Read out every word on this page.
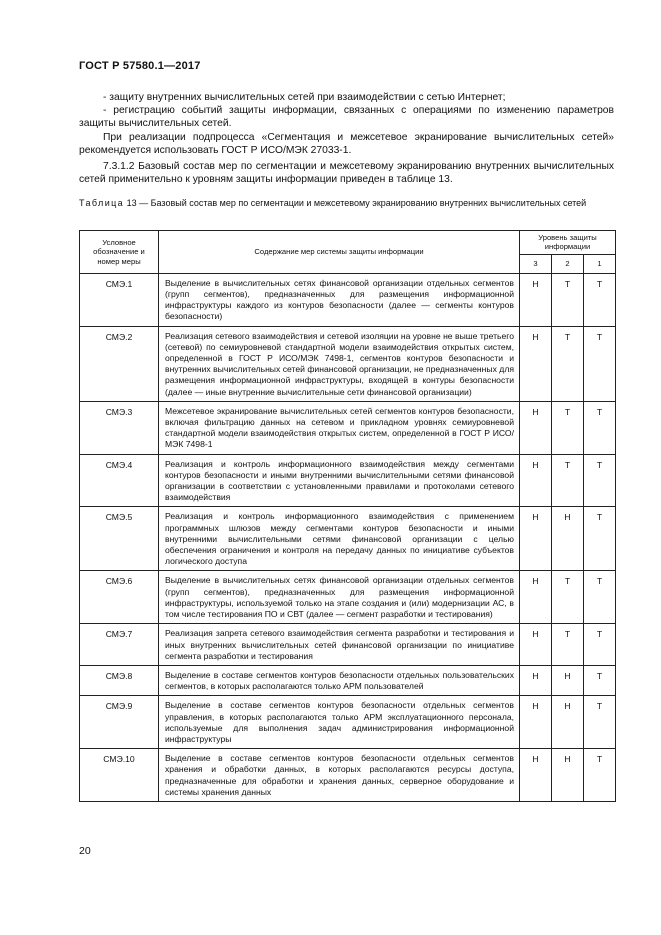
ГОСТ Р 57580.1—2017

- защиту внутренних вычислительных сетей при взаимодействии с сетью Интернет;

- регистрацию событий защиты информации, связанных с операциями по изменению параметров защиты вычислительных сетей.

При реализации подпроцесса «Сегментация и межсетевое экранирование вычислительных сетей» рекомендуется использовать ГОСТ Р ИСО/МЭК 27033-1.

7.3.1.2 Базовый состав мер по сегментации и межсетевому экранированию внутренних вычислительных сетей применительно к уровням защиты информации приведен в таблице 13.

Таблица 13 — Базовый состав мер по сегментации и межсетевому экранированию внутренних вычислительных сетей
Условное обозначение и номер меры	Содержание мер системы защиты информации	Уровень защиты информации		
		3	2	1
СМЭ.1	Выделение в вычислительных сетях финансовой организации отдельных сегментов (групп сегментов), предназначенных для размещения информационной инфраструктуры каждого из контуров безопасности (далее — сегменты контуров безопасности)	Н	Т	Т
СМЭ.2	Реализация сетевого взаимодействия и сетевой изоляции на уровне не выше третьего (сетевой) по семиуровневой стандартной модели взаимодействия открытых систем, определенной в ГОСТ Р ИСО/МЭК 7498-1, сегментов контуров безопасности и внутренних вычислительных сетей финансовой организации, не предназначенных для размещения информационной инфраструктуры, входящей в контуры безопасности (далее — иные внутренние вычислительные сети финансовой организации)	Н	Т	Т
СМЭ.3	Межсетевое экранирование вычислительных сетей сегментов контуров безопасности, включая фильтрацию данных на сетевом и прикладном уровнях семиуровневой стандартной модели взаимодействия открытых систем, определенной в ГОСТ Р ИСО/МЭК 7498-1	Н	Т	Т
СМЭ.4	Реализация и контроль информационного взаимодействия между сегментами контуров безопасности и иными внутренними вычислительными сетями финансовой организации в соответствии с установленными правилами и протоколами сетевого взаимодействия	Н	Т	Т
СМЭ.5	Реализация и контроль информационного взаимодействия с применением программных шлюзов между сегментами контуров безопасности и иными внутренними вычислительными сетями финансовой организации с целью обеспечения ограничения и контроля на передачу данных по инициативе субъектов логического доступа	Н	Н	Т
СМЭ.6	Выделение в вычислительных сетях финансовой организации отдельных сегментов (групп сегментов), предназначенных для размещения информационной инфраструктуры, используемой только на этапе создания и (или) модернизации АС, в том числе тестирования ПО и СВТ (далее — сегмент разработки и тестирования)	Н	Т	Т
СМЭ.7	Реализация запрета сетевого взаимодействия сегмента разработки и тестирования и иных внутренних вычислительных сетей финансовой организации по инициативе сегмента разработки и тестирования	Н	Т	Т
СМЭ.8	Выделение в составе сегментов контуров безопасности отдельных пользовательских сегментов, в которых располагаются только АРМ пользователей	Н	Н	Т
СМЭ.9	Выделение в составе сегментов контуров безопасности отдельных сегментов управления, в которых располагаются только АРМ эксплуатационного персонала, используемые для выполнения задач администрирования информационной инфраструктуры	Н	Н	Т
СМЭ.10	Выделение в составе сегментов контуров безопасности отдельных сегментов хранения и обработки данных, в которых располагаются ресурсы доступа, предназначенные для обработки и хранения данных, серверное оборудование и системы хранения данных	Н	Н	Т
20
